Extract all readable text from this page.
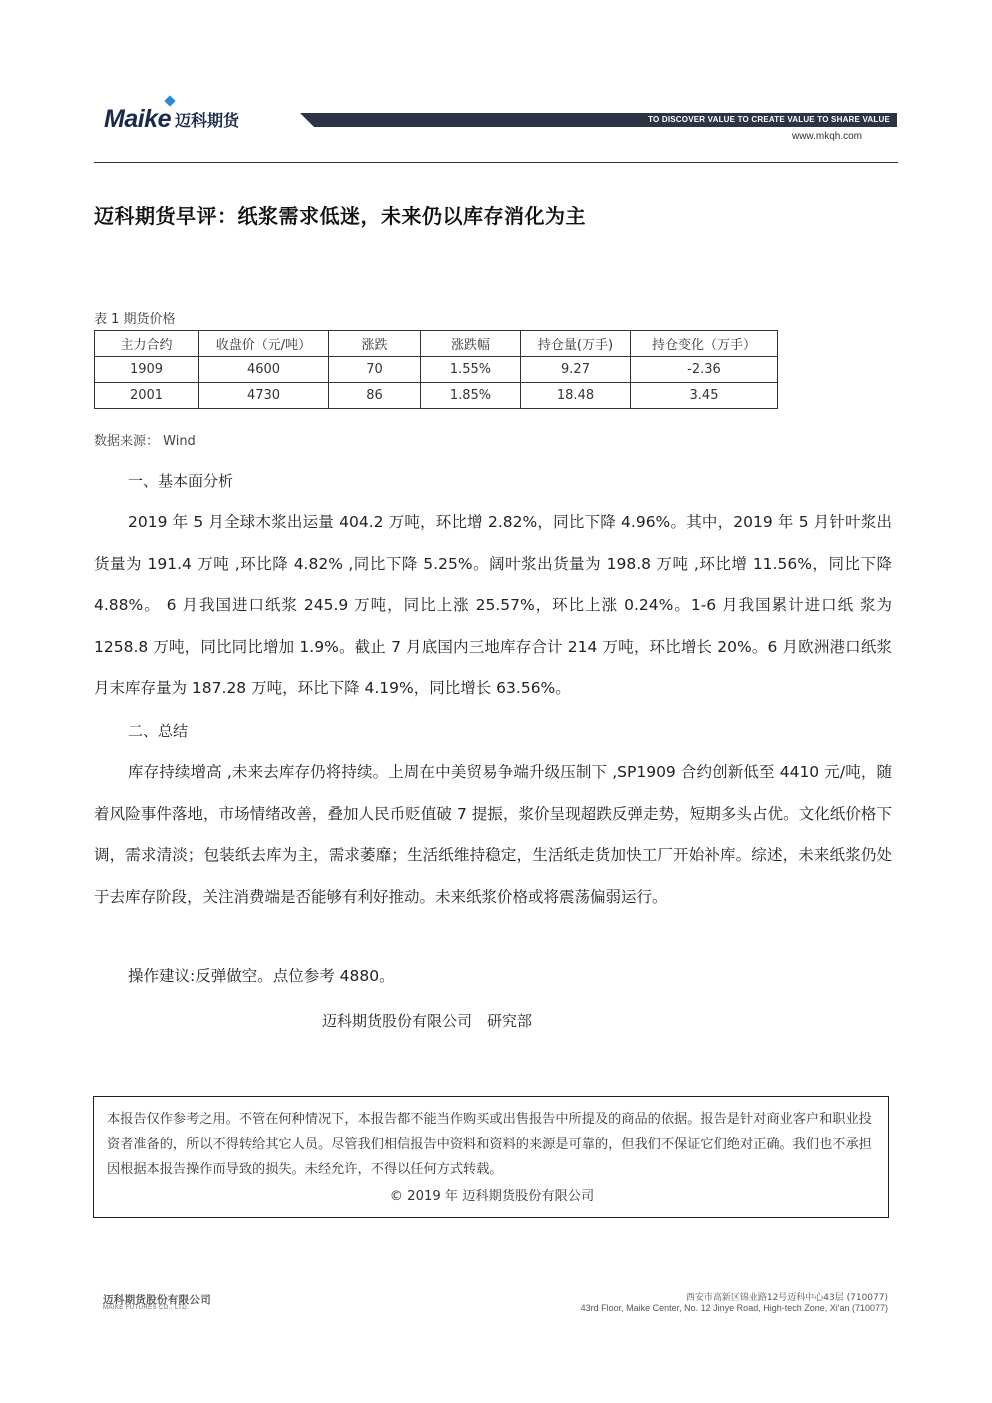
Maike 迈科期货	TO DISCOVER VALUE TO CREATE VALUE TO SHARE VALUE
www.mkqh.com
迈科期货早评：纸浆需求低迷，未来仍以库存消化为主
表 1 期货价格
主力合约	收盘价（元/吨）	涨跌	涨跌幅	持仓量(万手)	持仓变化（万手）
1909	4600	70	1.55%	9.27	-2.36
2001	4730	86	1.85%	18.48	3.45
数据来源： Wind
一、基本面分析

2019 年 5 月全球木浆出运量 404.2 万吨，环比增 2.82%，同比下降 4.96%。其中，2019 年 5 月针叶浆出货量为 191.4 万吨 ,环比降 4.82% ,同比下降 5.25%。阔叶浆出货量为 198.8 万吨 ,环比增 11.56%，同比下降 4.88%。 6 月我国进口纸浆 245.9 万吨，同比上涨 25.57%，环比上涨 0.24%。1-6 月我国累计进口纸 浆为 1258.8 万吨，同比同比增加 1.9%。截止 7 月底国内三地库存合计 214 万吨，环比增长 20%。6 月欧洲港口纸浆月末库存量为 187.28 万吨，环比下降 4.19%，同比增长 63.56%。

二、总结

库存持续增高 ,未来去库存仍将持续。上周在中美贸易争端升级压制下 ,SP1909 合约创新低至 4410 元/吨，随着风险事件落地，市场情绪改善，叠加人民币贬值破 7 提振，浆价呈现超跌反弹走势，短期多头占优。文化纸价格下调，需求清淡；包装纸去库为主，需求萎靡；生活纸维持稳定，生活纸走货加快工厂开始补库。综述，未来纸浆仍处于去库存阶段，关注消费端是否能够有利好推动。未来纸浆价格或将震荡偏弱运行。

操作建议:反弹做空。点位参考 4880。
迈科期货股份有限公司　研究部
本报告仅作参考之用。不管在何种情况下，本报告都不能当作购买或出售报告中所提及的商品的依据。报告是针对商业客户和职业投资者准备的，所以不得转给其它人员。尽管我们相信报告中资料和资料的来源是可靠的，但我们不保证它们绝对正确。我们也不承担因根据本报告操作而导致的损失。未经允许，不得以任何方式转载。
© 2019 年 迈科期货股份有限公司
迈科期货股份有限公司
MAIKE FUTURES CO., LTD.
西安市高新区锦业路12号迈科中心43层 (710077)
43rd Floor, Maike Center, No. 12 Jinye Road, High-tech Zone, Xi'an (710077)
